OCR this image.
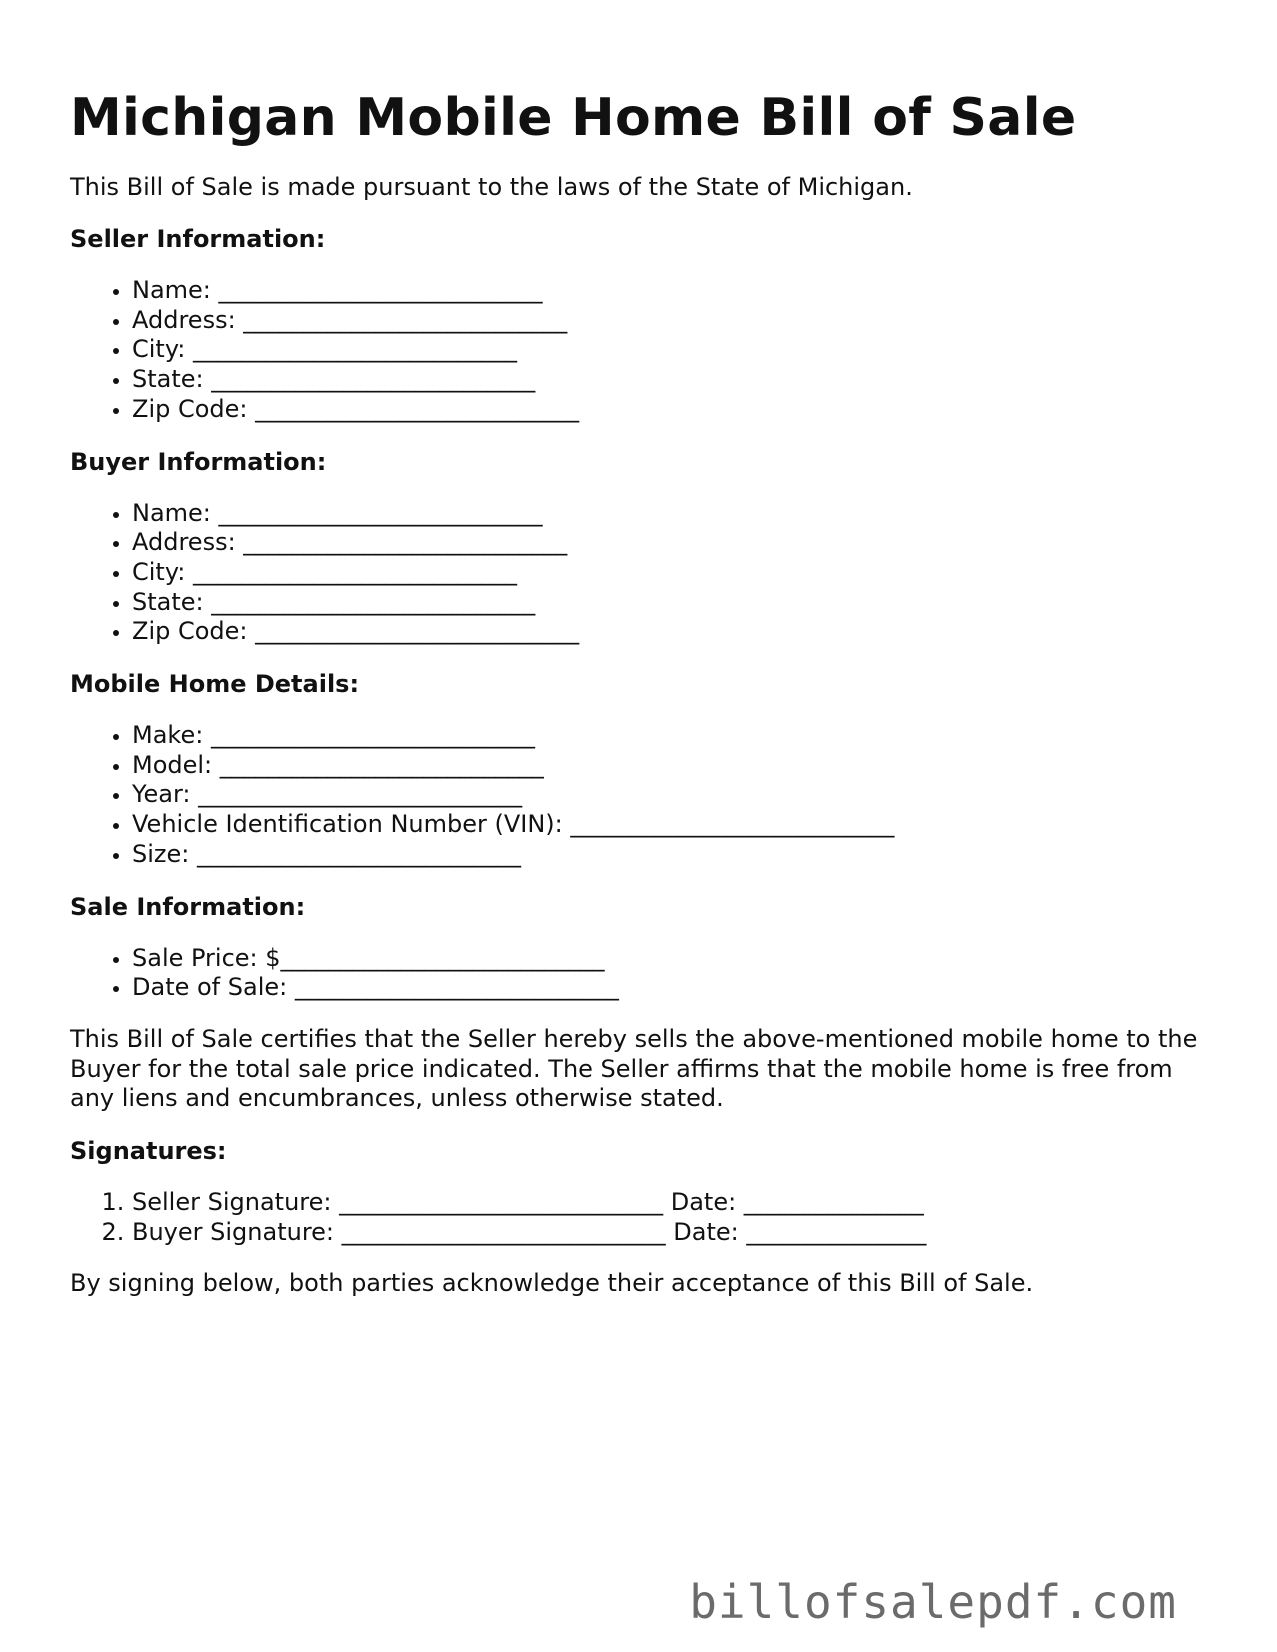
Michigan Mobile Home Bill of Sale

This Bill of Sale is made pursuant to the laws of the State of Michigan.

Seller Information:

• Name: ___________________________
• Address: ___________________________
• City: ___________________________
• State: ___________________________
• Zip Code: ___________________________

Buyer Information:

• Name: ___________________________
• Address: ___________________________
• City: ___________________________
• State: ___________________________
• Zip Code: ___________________________

Mobile Home Details:

• Make: ___________________________
• Model: ___________________________
• Year: ___________________________
• Vehicle Identification Number (VIN): ___________________________
• Size: ___________________________

Sale Information:

• Sale Price: $___________________________
• Date of Sale: ___________________________

This Bill of Sale certifies that the Seller hereby sells the above-mentioned mobile home to the Buyer for the total sale price indicated. The Seller affirms that the mobile home is free from any liens and encumbrances, unless otherwise stated.

Signatures:

1. Seller Signature: ___________________________ Date: _______________
2. Buyer Signature: ___________________________ Date: _______________

By signing below, both parties acknowledge their acceptance of this Bill of Sale.

billofsalepdf.com
